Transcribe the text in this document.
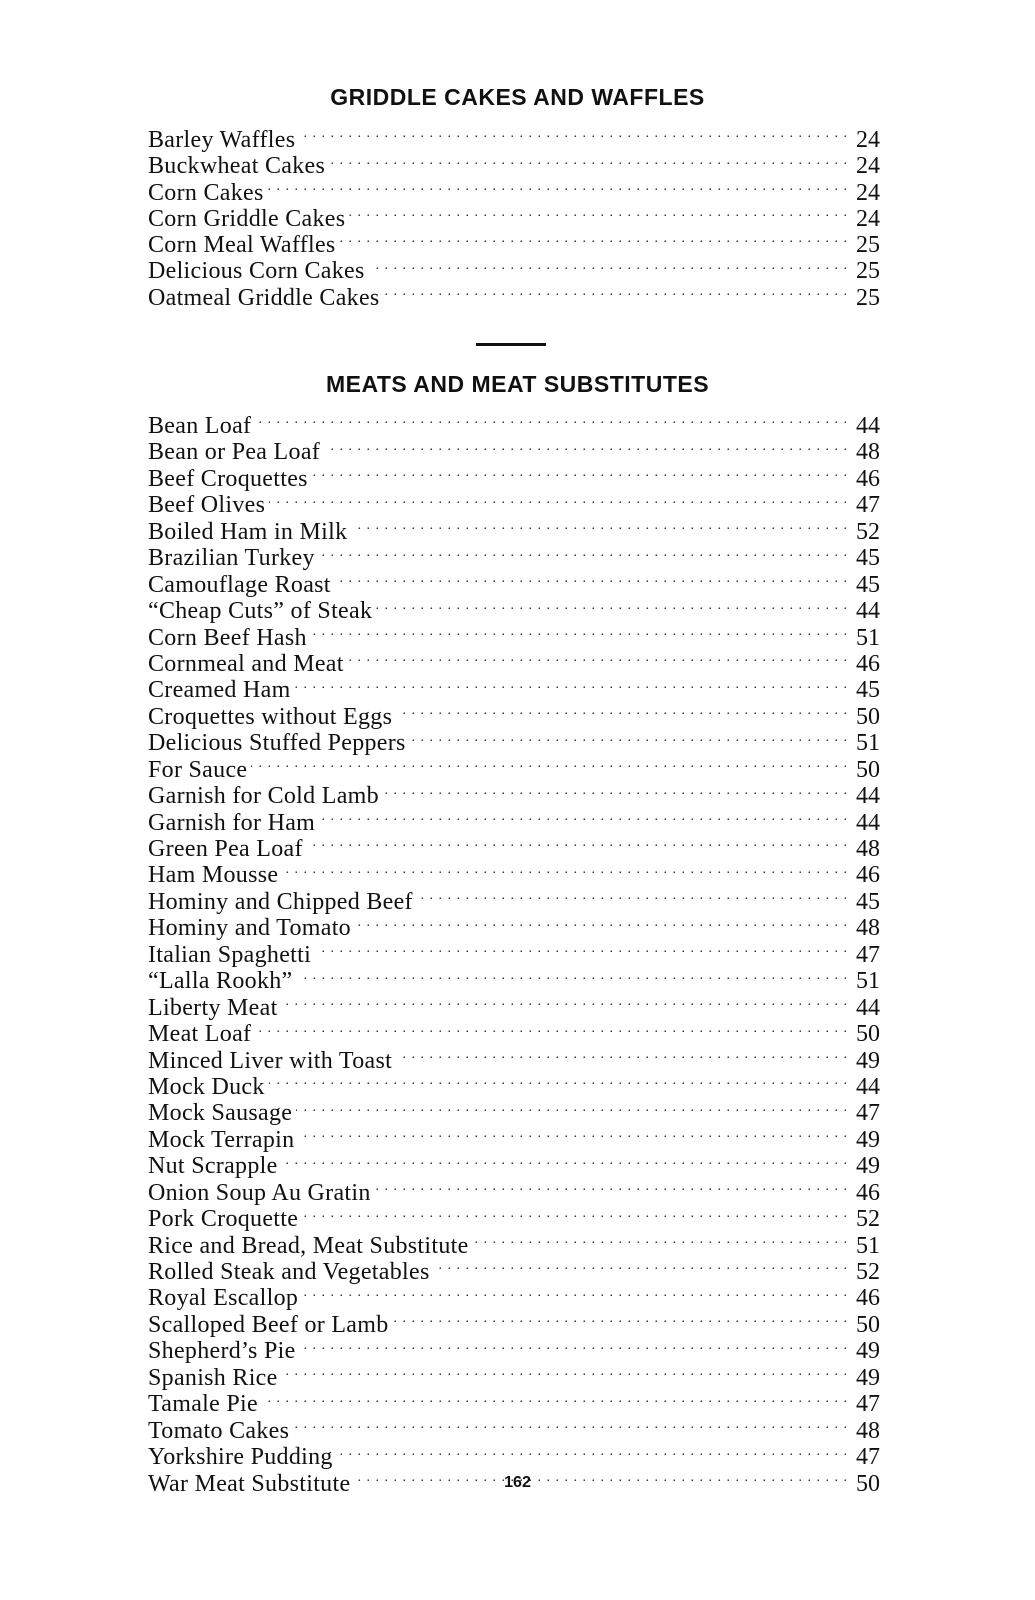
GRIDDLE CAKES AND WAFFLES
Barley Waffles . . .	24
Buckwheat Cakes . . .	24
Corn Cakes . . .	24
Corn Griddle Cakes . . .	24
Corn Meal Waffles . . .	25
Delicious Corn Cakes . . .	25
Oatmeal Griddle Cakes . . .	25
MEATS AND MEAT SUBSTITUTES
Bean Loaf . . .	44
Bean or Pea Loaf . . .	48
Beef Croquettes . . .	46
Beef Olives . . .	47
Boiled Ham in Milk . . .	52
Brazilian Turkey . . .	45
Camouflage Roast . . .	45
“Cheap Cuts” of Steak . . .	44
Corn Beef Hash . . .	51
Cornmeal and Meat . . .	46
Creamed Ham . . .	45
Croquettes without Eggs . . .	50
Delicious Stuffed Peppers . . .	51
For Sauce . . .	50
Garnish for Cold Lamb . . .	44
Garnish for Ham . . .	44
Green Pea Loaf . . .	48
Ham Mousse . . .	46
Hominy and Chipped Beef . . .	45
Hominy and Tomato . . .	48
Italian Spaghetti . . .	47
“Lalla Rookh” . . .	51
Liberty Meat . . .	44
Meat Loaf . . .	50
Minced Liver with Toast . . .	49
Mock Duck . . .	44
Mock Sausage . . .	47
Mock Terrapin . . .	49
Nut Scrapple . . .	49
Onion Soup Au Gratin . . .	46
Pork Croquette . . .	52
Rice and Bread, Meat Substitute . . .	51
Rolled Steak and Vegetables . . .	52
Royal Escallop . . .	46
Scalloped Beef or Lamb . . .	50
Shepherd’s Pie . . .	49
Spanish Rice . . .	49
Tamale Pie . . .	47
Tomato Cakes . . .	48
Yorkshire Pudding . . .	47
War Meat Substitute . . .	50
162
